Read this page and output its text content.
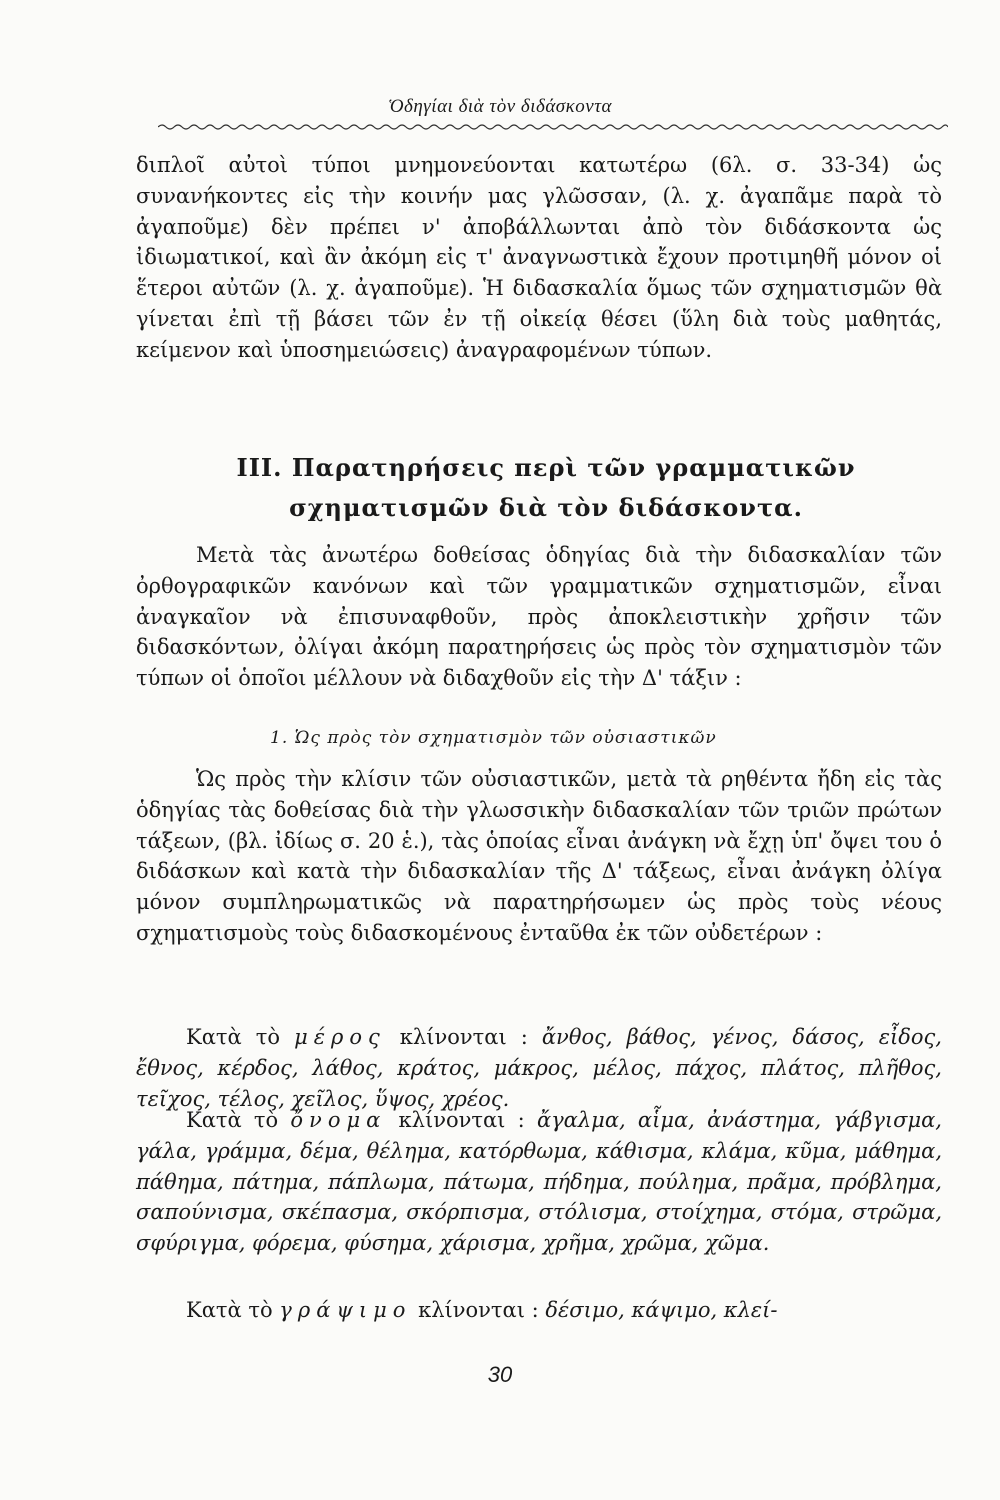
Ὁδηγίαι διὰ τὸν διδάσκοντα
διπλοῖ αὐτοὶ τύποι μνημονεύονται κατωτέρω (6λ. σ. 33-34) ὡς συνανήκοντες εἰς τὴν κοινήν μας γλῶσσαν, (λ. χ. ἀγαπᾶμε παρὰ τὸ ἀγαποῦμε) δὲν πρέπει ν' ἀποβάλλωνται ἀπὸ τὸν διδάσκοντα ὡς ἰδιωματικοί, καὶ ἂν ἀκόμη εἰς τ' ἀναγνωστικὰ ἔχουν προτιμηθῆ μόνον οἱ ἕτεροι αὐτῶν (λ. χ. ἀγαποῦμε). Ἡ διδασκαλία ὅμως τῶν σχηματισμῶν θὰ γίνεται ἐπὶ τῇ βάσει τῶν ἐν τῇ οἰκείᾳ θέσει (ὕλη διὰ τοὺς μαθητάς, κείμενον καὶ ὑποσημειώσεις) ἀναγραφομένων τύπων.
ΙΙΙ. Παρατηρήσεις περὶ τῶν γραμματικῶν σχηματισμῶν διὰ τὸν διδάσκοντα.
Μετὰ τὰς ἀνωτέρω δοθείσας ὁδηγίας διὰ τὴν διδασκαλίαν τῶν ὀρθογραφικῶν κανόνων καὶ τῶν γραμματικῶν σχηματισμῶν, εἶναι ἀναγκαῖον νὰ ἐπισυναφθοῦν, πρὸς ἀποκλειστικὴν χρῆσιν τῶν διδασκόντων, ὀλίγαι ἀκόμη παρατηρήσεις ὡς πρὸς τὸν σχηματισμὸν τῶν τύπων οἱ ὁποῖοι μέλλουν νὰ διδαχθοῦν εἰς τὴν Δ' τάξιν :
1. Ὡς πρὸς τὸν σχηματισμὸν τῶν οὐσιαστικῶν
Ὡς πρὸς τὴν κλίσιν τῶν οὐσιαστικῶν, μετὰ τὰ ρηθέντα ἤδη εἰς τὰς ὁδηγίας τὰς δοθείσας διὰ τὴν γλωσσικὴν διδασκαλίαν τῶν τριῶν πρώτων τάξεων, (βλ. ἰδίως σ. 20 ἑ.), τὰς ὁποίας εἶναι ἀνάγκη νὰ ἔχῃ ὑπ' ὄψει του ὁ διδάσκων καὶ κατὰ τὴν διδασκαλίαν τῆς Δ' τάξεως, εἶναι ἀνάγκη ὀλίγα μόνον συμπληρωματικῶς νὰ παρατηρήσωμεν ὡς πρὸς τοὺς νέους σχηματισμοὺς τοὺς διδασκομένους ἐνταῦθα ἐκ τῶν οὐδετέρων :
Κατὰ τὸ μέρος κλίνονται : ἄνθος, βάθος, γένος, δάσος, εἶδος, ἔθνος, κέρδος, λάθος, κράτος, μάκρος, μέλος, πάχος, πλάτος, πλῆθος, τεῖχος, τέλος, χεῖλος, ὕψος, χρέος.
Κατὰ τὸ ὄνομα κλίνονται : ἄγαλμα, αἷμα, ἀνάστημα, γάβγισμα, γάλα, γράμμα, δέμα, θέλημα, κατόρθωμα, κάθισμα, κλάμα, κῦμα, μάθημα, πάθημα, πάτημα, πάπλωμα, πάτωμα, πήδημα, πούλημα, πρᾶμα, πρόβλημα, σαπούνισμα, σκέπασμα, σκόρπισμα, στόλισμα, στοίχημα, στόμα, στρῶμα, σφύριγμα, φόρεμα, φύσημα, χάρισμα, χρῆμα, χρῶμα, χῶμα.
Κατὰ τὸ γράψιμο κλίνονται : δέσιμο, κάψιμο, κλεί-
30
